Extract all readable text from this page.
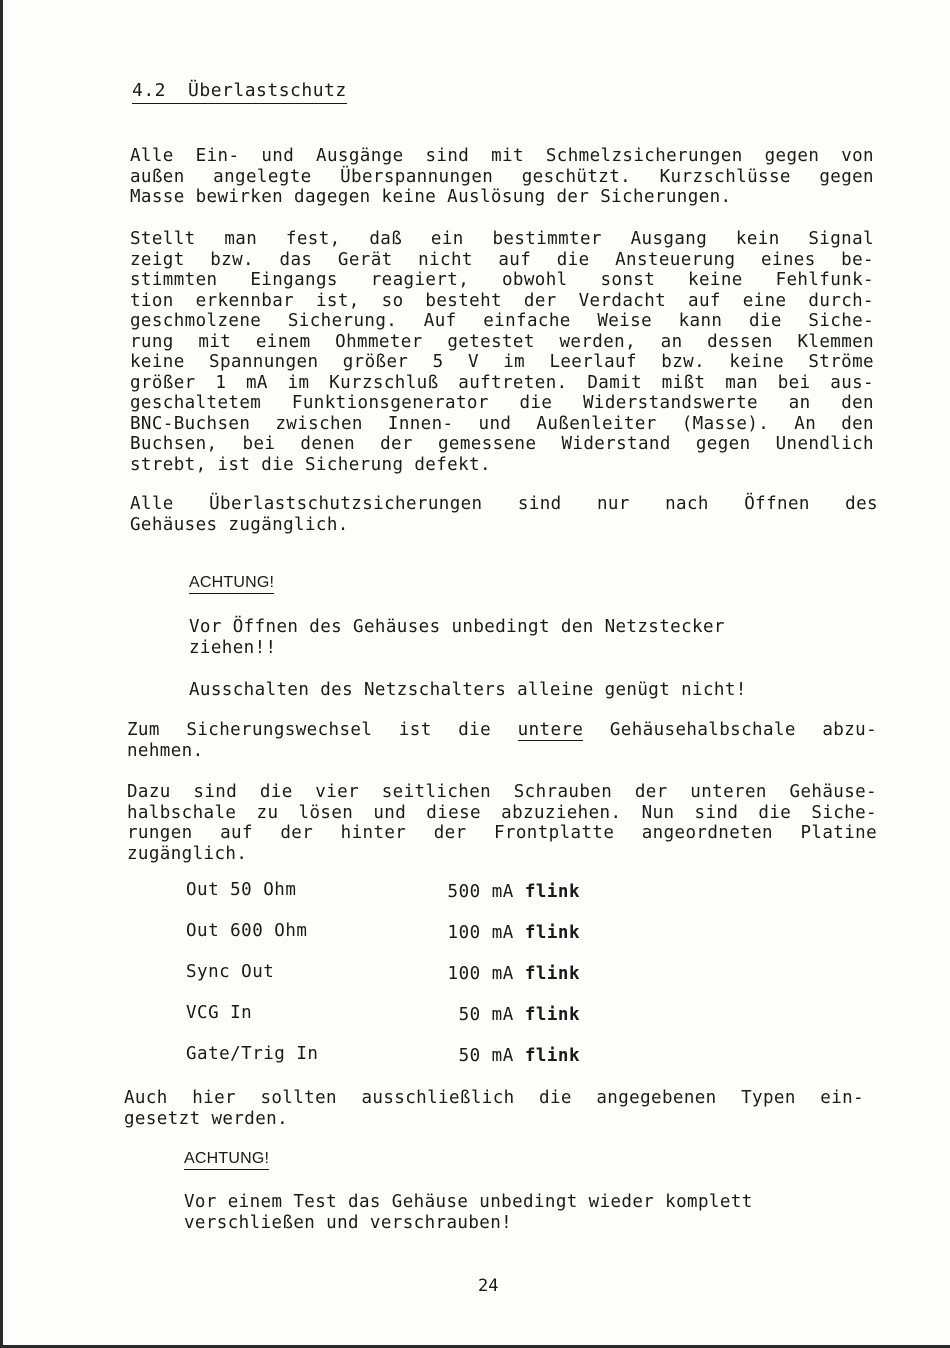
4.2 Überlastschutz
Alle Ein- und Ausgänge sind mit Schmelzsicherungen gegen von
außen angelegte Überspannungen geschützt. Kurzschlüsse gegen
Masse bewirken dagegen keine Auslösung der Sicherungen.
Stellt man fest, daß ein bestimmter Ausgang kein Signal
zeigt bzw. das Gerät nicht auf die Ansteuerung eines be-
stimmten Eingangs reagiert, obwohl sonst keine Fehlfunk-
tion erkennbar ist, so besteht der Verdacht auf eine durch-
geschmolzene Sicherung. Auf einfache Weise kann die Siche-
rung mit einem Ohmmeter getestet werden, an dessen Klemmen
keine Spannungen größer 5 V im Leerlauf bzw. keine Ströme
größer 1 mA im Kurzschluß auftreten. Damit mißt man bei aus-
geschaltetem Funktionsgenerator die Widerstandswerte an den
BNC-Buchsen zwischen Innen- und Außenleiter (Masse). An den
Buchsen, bei denen der gemessene Widerstand gegen Unendlich
strebt, ist die Sicherung defekt.
Alle Überlastschutzsicherungen sind nur nach Öffnen des
Gehäuses zugänglich.
ACHTUNG!
Vor Öffnen des Gehäuses unbedingt den Netzstecker
ziehen!!
Ausschalten des Netzschalters alleine genügt nicht!
Zum Sicherungswechsel ist die untere Gehäusehalbschale abzu-
nehmen.
Dazu sind die vier seitlichen Schrauben der unteren Gehäuse-
halbschale zu lösen und diese abzuziehen. Nun sind die Siche-
rungen auf der hinter der Frontplatte angeordneten Platine
zugänglich.
Out 50 Ohm	500 mA flink
Out 600 Ohm	100 mA flink
Sync Out	100 mA flink
VCG In	50 mA flink
Gate/Trig In	50 mA flink
Auch hier sollten ausschließlich die angegebenen Typen ein-
gesetzt werden.
ACHTUNG!
Vor einem Test das Gehäuse unbedingt wieder komplett
verschließen und verschrauben!
24
